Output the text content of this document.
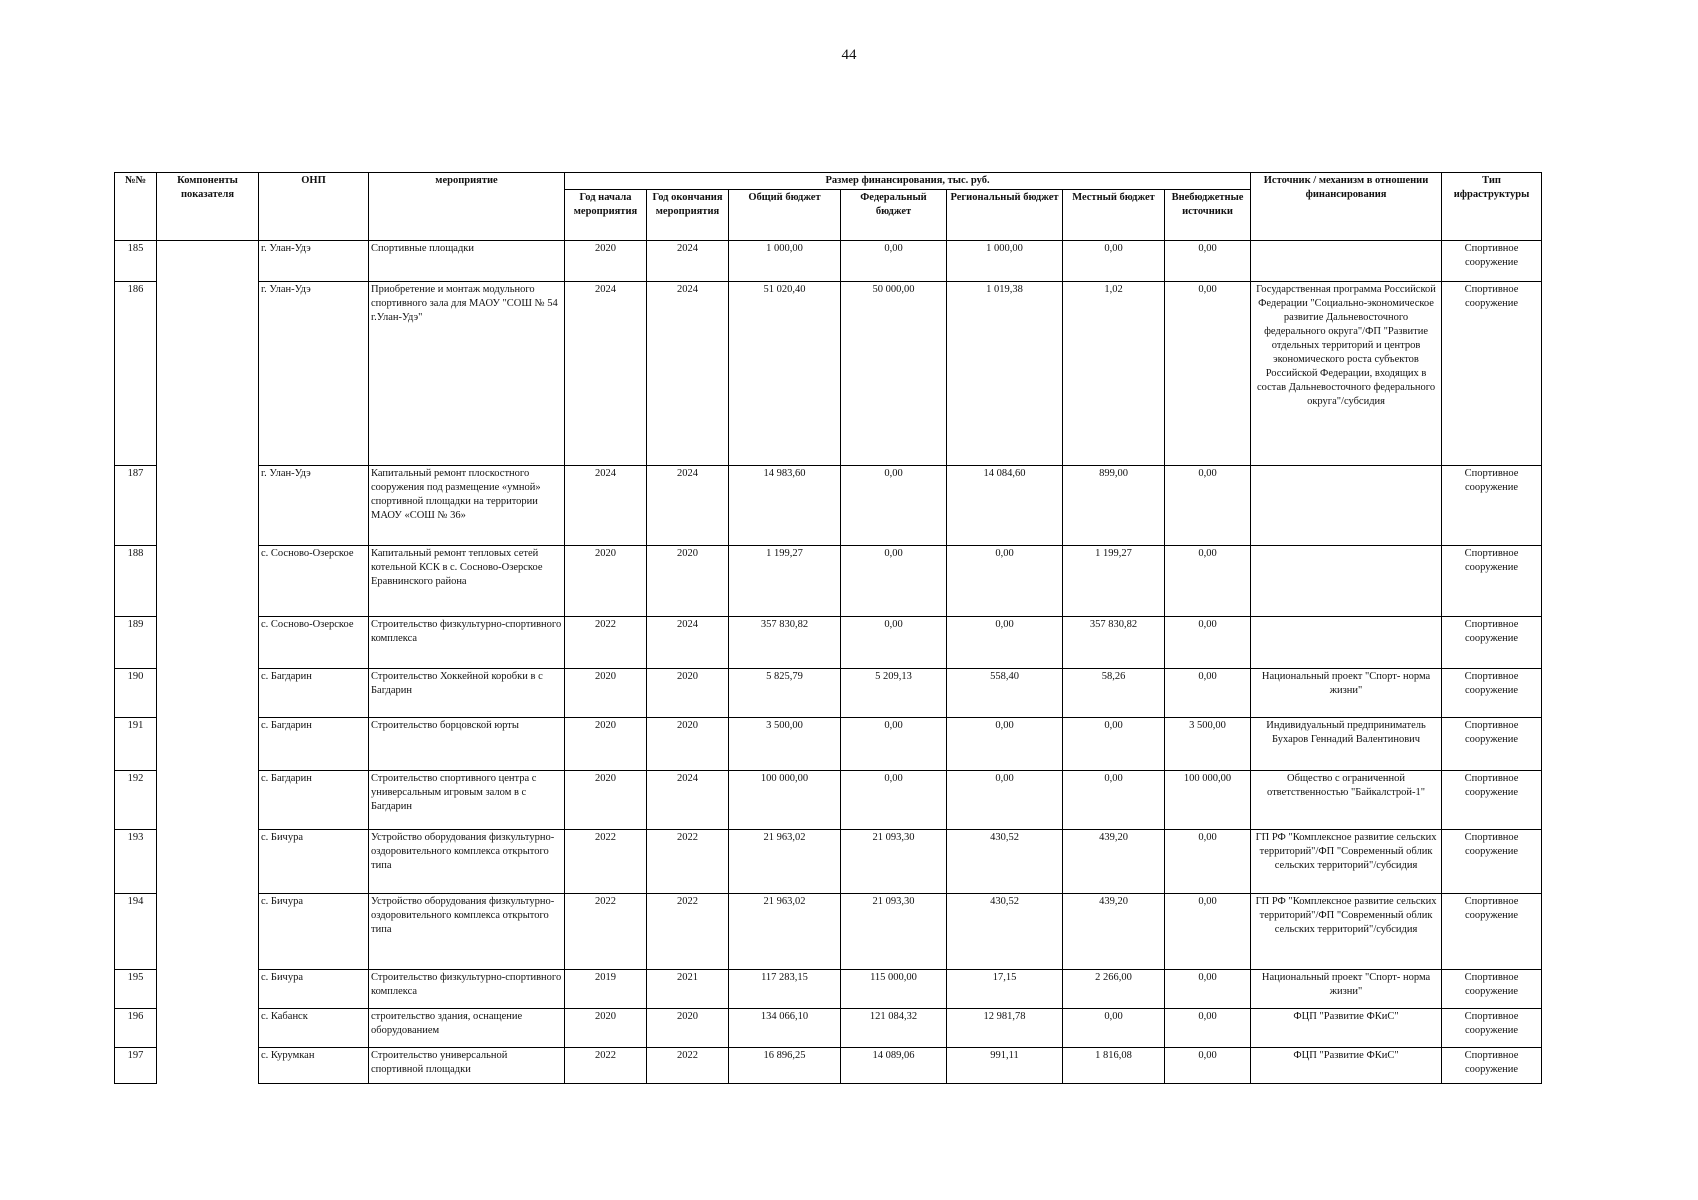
44
№№	Компоненты показателя	ОНП	мероприятие	Размер финансирования, тыс. руб.							Источник / механизм в отношении финансирования	Тип ифраструктуры
				Год начала мероприятия	Год окончания мероприятия	Общий бюджет	Федеральный бюджет	Региональный бюджет	Местный бюджет	Внебюджетные источники		
185		г. Улан-Удэ	Спортивные площадки	2020	2024	1 000,00	0,00	1 000,00	0,00	0,00		Спортивное сооружение
186		г. Улан-Удэ	Приобретение и монтаж модульного спортивного зала для МАОУ "СОШ № 54 г.Улан-Удэ"	2024	2024	51 020,40	50 000,00	1 019,38	1,02	0,00	Государственная программа Российской Федерации "Социально-экономическое развитие Дальневосточного федерального округа"/ФП "Развитие отдельных территорий и центров экономического роста субъектов Российской Федерации, входящих в состав Дальневосточного федерального округа"/субсидия	Спортивное сооружение
187		г. Улан-Удэ	Капитальный ремонт плоскостного сооружения под размещение «умной» спортивной площадки на территории МАОУ «СОШ № 36»	2024	2024	14 983,60	0,00	14 084,60	899,00	0,00		Спортивное сооружение
188		с. Сосново-Озерское	Капитальный ремонт тепловых сетей котельной КСК в с. Сосново-Озерское Еравнинского района	2020	2020	1 199,27	0,00	0,00	1 199,27	0,00		Спортивное сооружение
189		с. Сосново-Озерское	Строительство физкультурно-спортивного комплекса	2022	2024	357 830,82	0,00	0,00	357 830,82	0,00		Спортивное сооружение
190		с. Багдарин	Строительство Хоккейной коробки в с Багдарин	2020	2020	5 825,79	5 209,13	558,40	58,26	0,00	Национальный проект "Спорт- норма жизни"	Спортивное сооружение
191		с. Багдарин	Строительство борцовской юрты	2020	2020	3 500,00	0,00	0,00	0,00	3 500,00	Индивидуальный предприниматель Бухаров Геннадий Валентинович	Спортивное сооружение
192		с. Багдарин	Строительство спортивного центра с универсальным игровым залом в с Багдарин	2020	2024	100 000,00	0,00	0,00	0,00	100 000,00	Общество с ограниченной ответственностью "Байкалстрой-1"	Спортивное сооружение
193		с. Бичура	Устройство оборудования физкультурно-оздоровительного комплекса открытого типа	2022	2022	21 963,02	21 093,30	430,52	439,20	0,00	ГП РФ "Комплексное развитие сельских территорий"/ФП "Современный облик сельских территорий"/субсидия	Спортивное сооружение
194		с. Бичура	Устройство оборудования физкультурно-оздоровительного комплекса открытого типа	2022	2022	21 963,02	21 093,30	430,52	439,20	0,00	ГП РФ "Комплексное развитие сельских территорий"/ФП "Современный облик сельских территорий"/субсидия	Спортивное сооружение
195		с. Бичура	Строительство физкультурно-спортивного комплекса	2019	2021	117 283,15	115 000,00	17,15	2 266,00	0,00	Национальный проект "Спорт- норма жизни"	Спортивное сооружение
196		с. Кабанск	строительство здания, оснащение оборудованием	2020	2020	134 066,10	121 084,32	12 981,78	0,00	0,00	ФЦП "Развитие ФКиС"	Спортивное сооружение
197		с. Курумкан	Строительство универсальной спортивной площадки	2022	2022	16 896,25	14 089,06	991,11	1 816,08	0,00	ФЦП "Развитие ФКиС"	Спортивное сооружение
